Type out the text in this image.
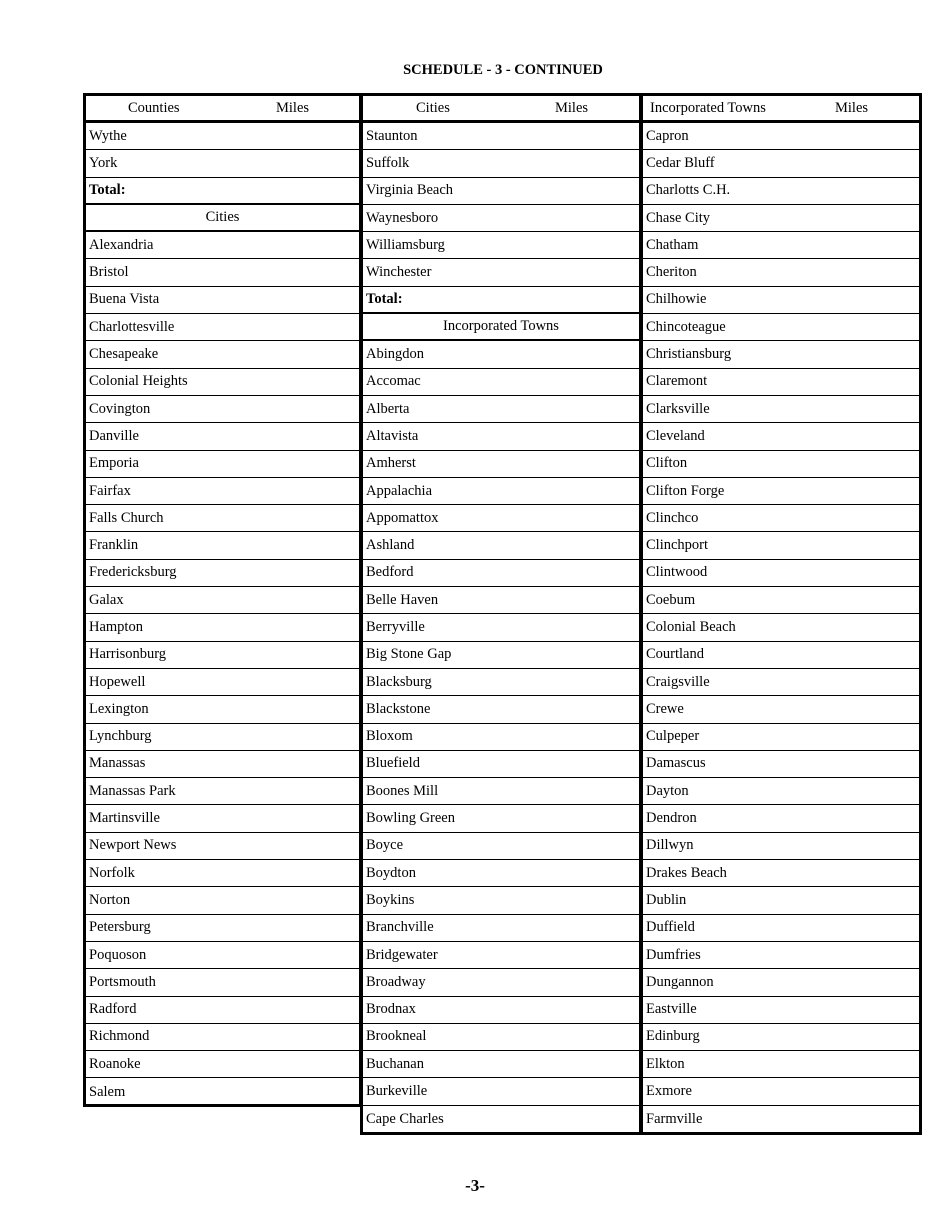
SCHEDULE - 3 - CONTINUED
Counties	Miles
Wythe
York
Total:
Cities
Alexandria
Bristol
Buena Vista
Charlottesville
Chesapeake
Colonial Heights
Covington
Danville
Emporia
Fairfax
Falls Church
Franklin
Fredericksburg
Galax
Hampton
Harrisonburg
Hopewell
Lexington
Lynchburg
Manassas
Manassas Park
Martinsville
Newport News
Norfolk
Norton
Petersburg
Poquoson
Portsmouth
Radford
Richmond
Roanoke
Salem
Cities	Miles
Staunton
Suffolk
Virginia Beach
Waynesboro
Williamsburg
Winchester
Total:
Incorporated Towns
Abingdon
Accomac
Alberta
Altavista
Amherst
Appalachia
Appomattox
Ashland
Bedford
Belle Haven
Berryville
Big Stone Gap
Blacksburg
Blackstone
Bloxom
Bluefield
Boones Mill
Bowling Green
Boyce
Boydton
Boykins
Branchville
Bridgewater
Broadway
Brodnax
Brookneal
Buchanan
Burkeville
Cape Charles
Incorporated Towns	Miles
Capron
Cedar Bluff
Charlotts C.H.
Chase City
Chatham
Cheriton
Chilhowie
Chincoteague
Christiansburg
Claremont
Clarksville
Cleveland
Clifton
Clifton Forge
Clinchco
Clinchport
Clintwood
Coebum
Colonial Beach
Courtland
Craigsville
Crewe
Culpeper
Damascus
Dayton
Dendron
Dillwyn
Drakes Beach
Dublin
Duffield
Dumfries
Dungannon
Eastville
Edinburg
Elkton
Exmore
Farmville
-3-
